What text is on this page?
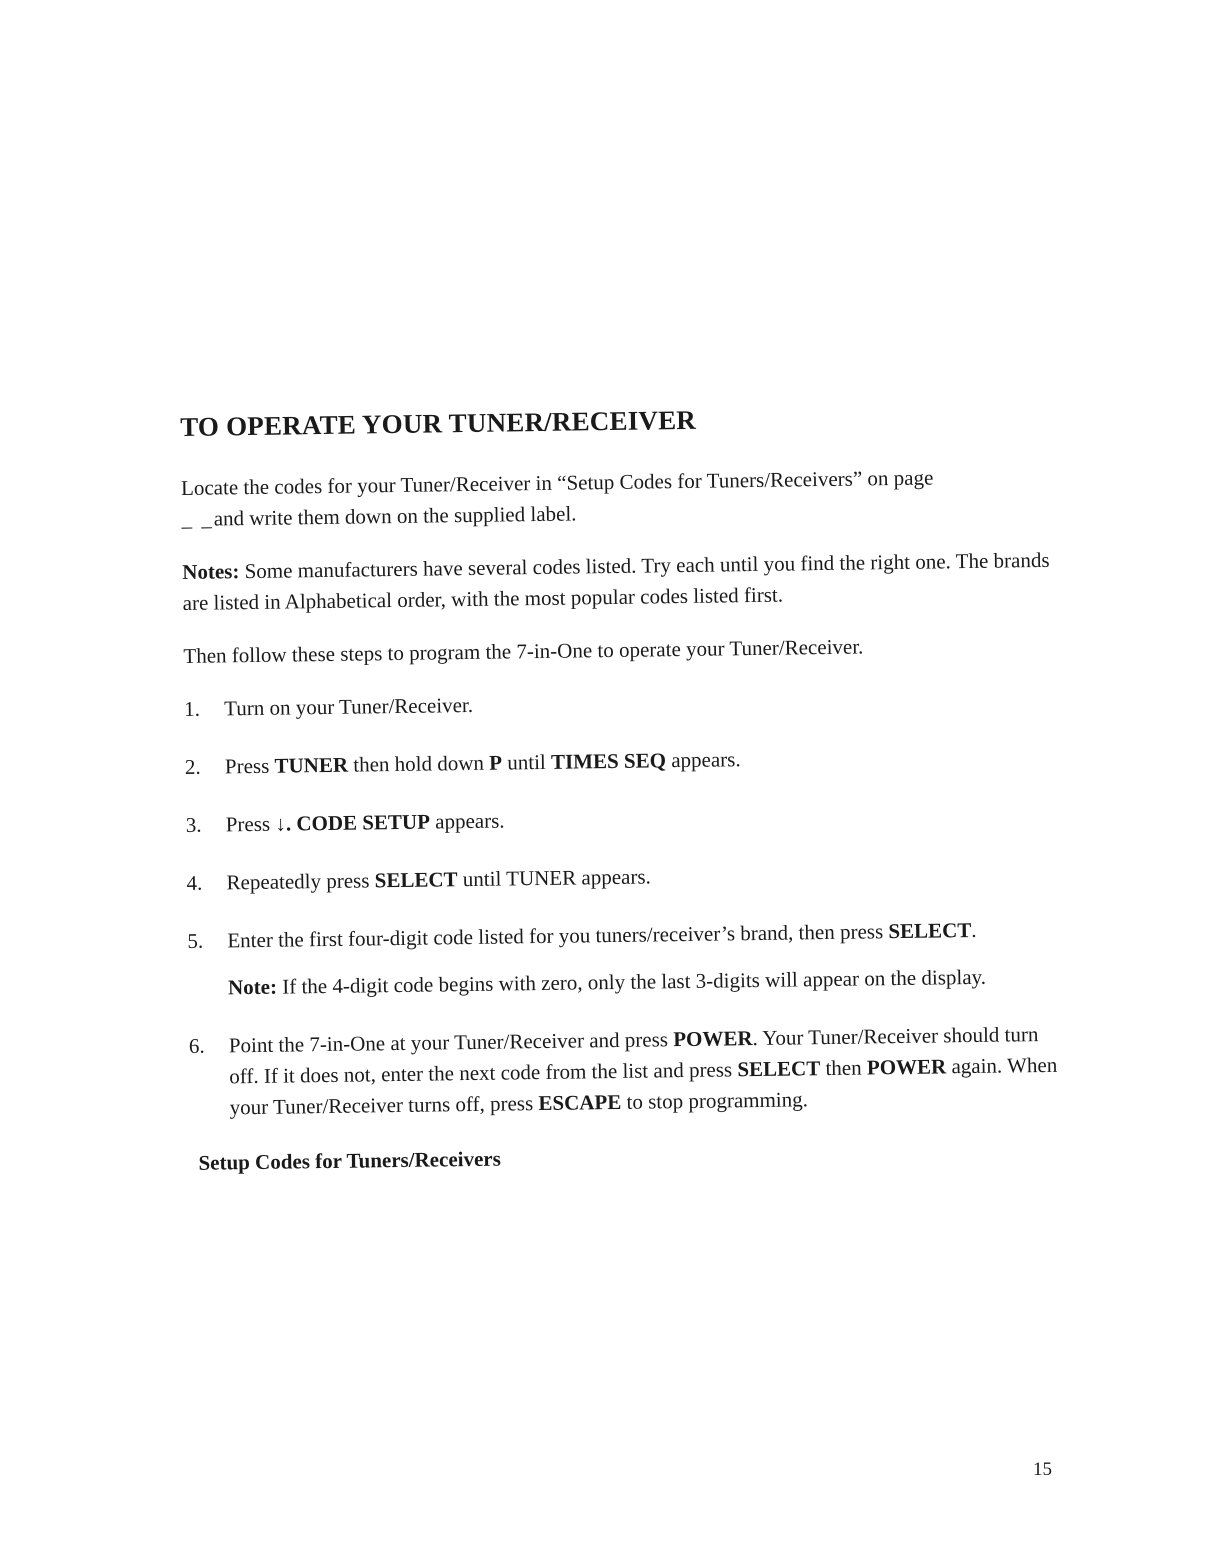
TO OPERATE YOUR TUNER/RECEIVER

Locate the codes for your Tuner/Receiver in “Setup Codes for Tuners/Receivers” on page
_ _and write them down on the supplied label.

Notes: Some manufacturers have several codes listed. Try each until you find the right one. The brands are listed in Alphabetical order, with the most popular codes listed first.

Then follow these steps to program the 7-in-One to operate your Tuner/Receiver.

1. Turn on your Tuner/Receiver.
2. Press TUNER then hold down P until TIMES SEQ appears.
3. Press ↓. CODE SETUP appears.
4. Repeatedly press SELECT until TUNER appears.
5. Enter the first four-digit code listed for you tuners/receiver’s brand, then press SELECT.
Note: If the 4-digit code begins with zero, only the last 3-digits will appear on the display.
6. Point the 7-in-One at your Tuner/Receiver and press POWER. Your Tuner/Receiver should turn off. If it does not, enter the next code from the list and press SELECT then POWER again. When your Tuner/Receiver turns off, press ESCAPE to stop programming.
Setup Codes for Tuners/Receivers
15
